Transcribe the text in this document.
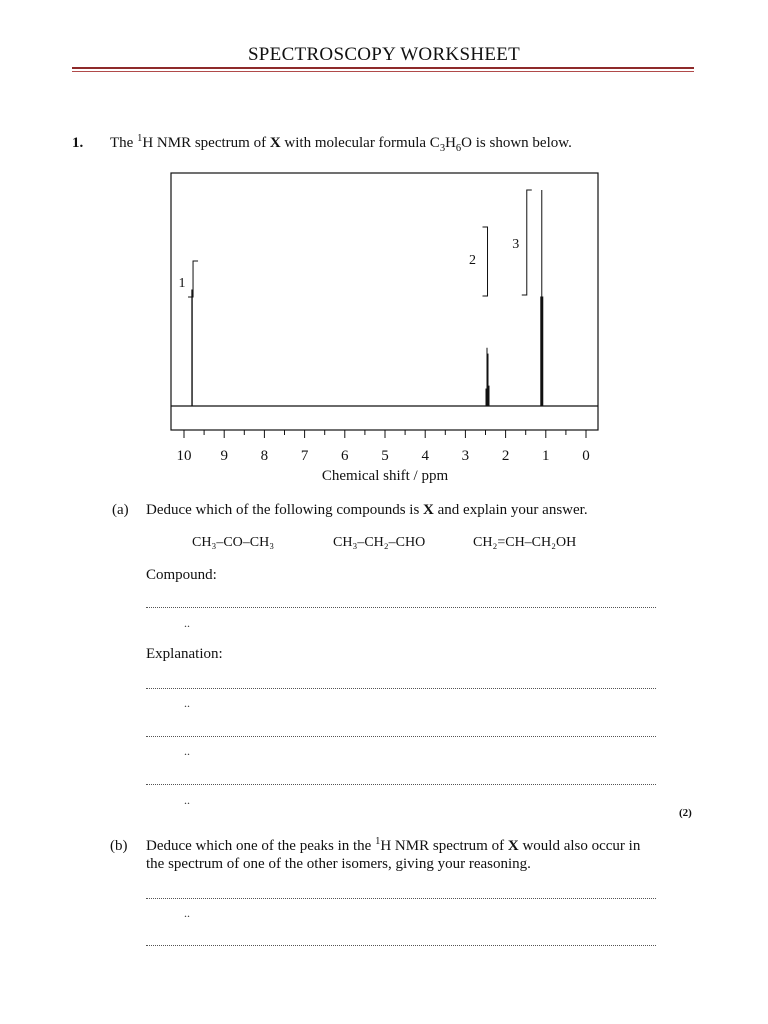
SPECTROSCOPY WORKSHEET
1. The $^1$H NMR spectrum of X with molecular formula $C_3H_6O$ is shown below.
10 9 8 7 6 5 4 3 2 1 0
Chemical shift / ppm
1
2
3
(a) Deduce which of the following compounds is X and explain your answer.
CH₃–CO–CH₃	CH₃–CH₂–CHO	CH₂=CH–CH₂OH
Compound:
..
Explanation:
..
..
..
(2)
(b) Deduce which one of the peaks in the $^1$H NMR spectrum of X would also occur in
the spectrum of one of the other isomers, giving your reasoning.
..
